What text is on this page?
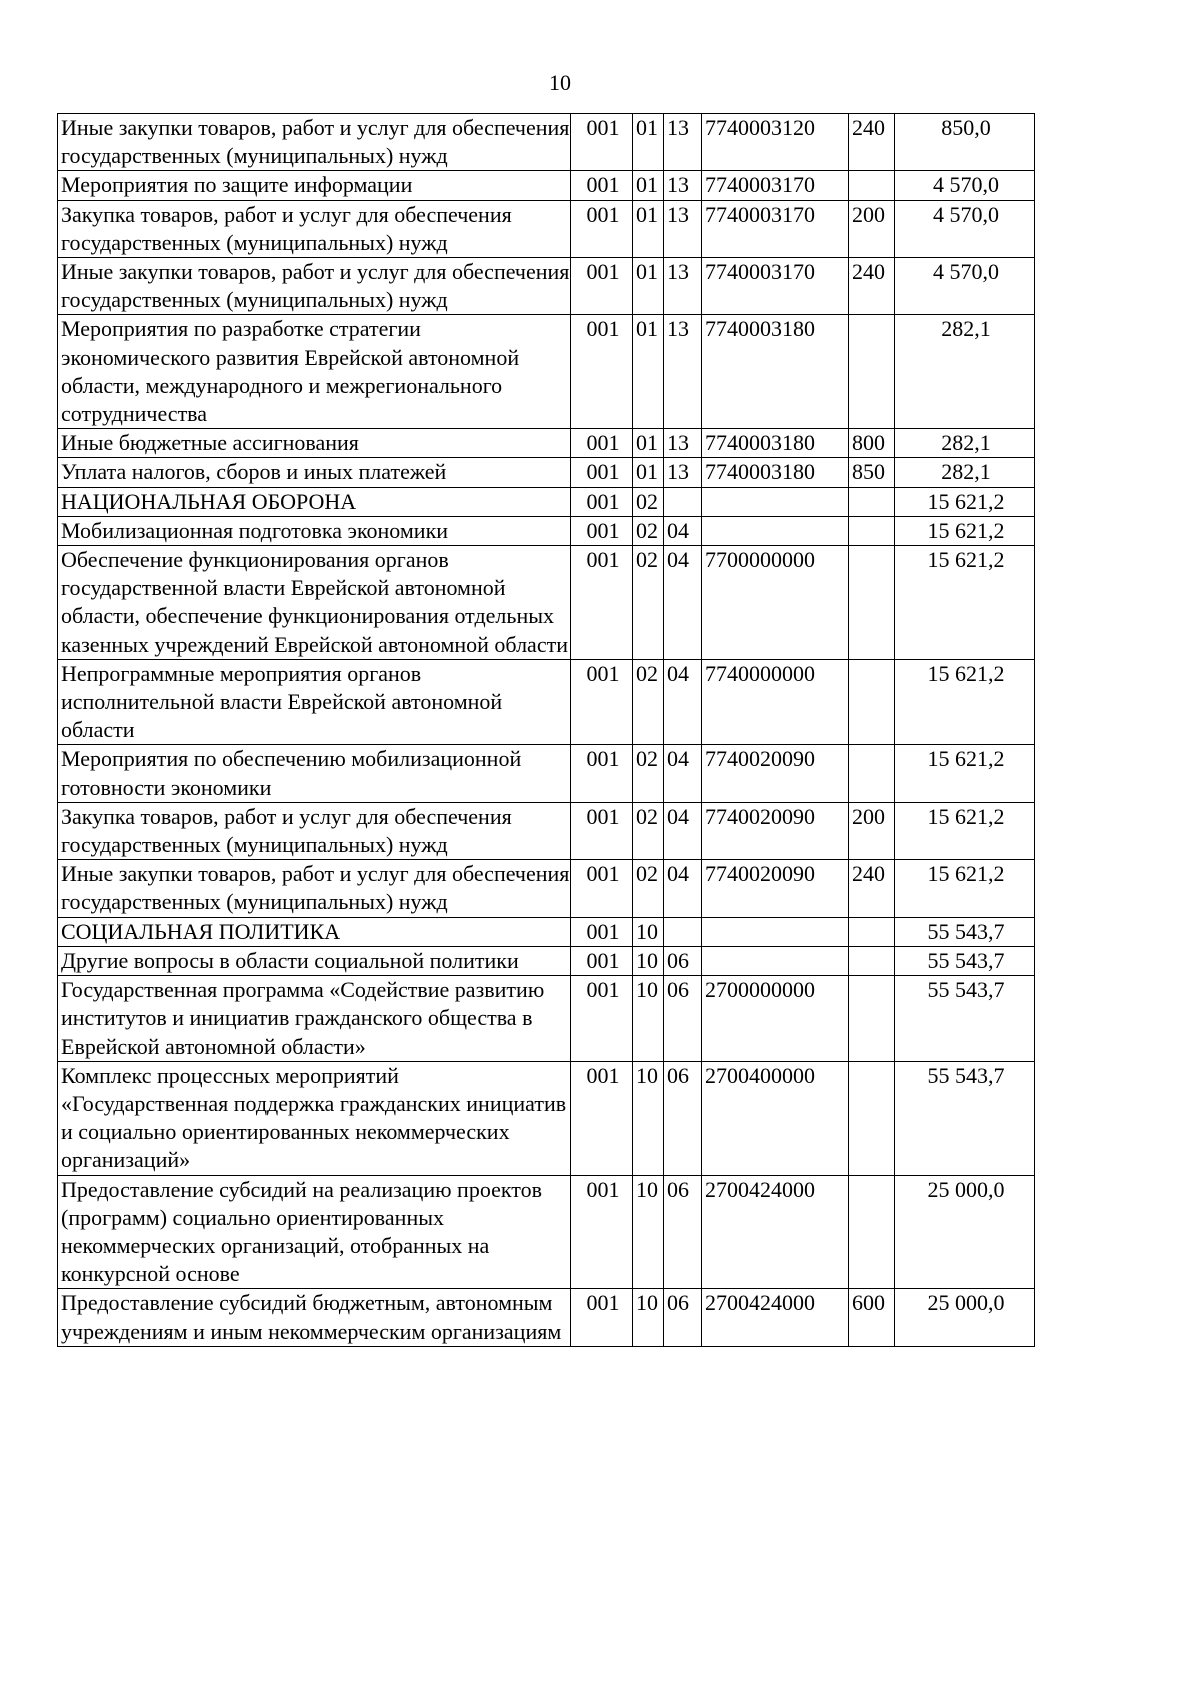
10
Иные закупки товаров, работ и услуг для обеспечения государственных (муниципальных) нужд	001	01	13	7740003120	240	850,0
Мероприятия по защите информации	001	01	13	7740003170		4 570,0
Закупка товаров, работ и услуг для обеспечения государственных (муниципальных) нужд	001	01	13	7740003170	200	4 570,0
Иные закупки товаров, работ и услуг для обеспечения государственных (муниципальных) нужд	001	01	13	7740003170	240	4 570,0
Мероприятия по разработке стратегии экономического развития Еврейской автономной области, международного и межрегионального сотрудничества	001	01	13	7740003180		282,1
Иные бюджетные ассигнования	001	01	13	7740003180	800	282,1
Уплата налогов, сборов и иных платежей	001	01	13	7740003180	850	282,1
НАЦИОНАЛЬНАЯ ОБОРОНА	001	02				15 621,2
Мобилизационная подготовка экономики	001	02	04			15 621,2
Обеспечение функционирования органов государственной власти Еврейской автономной области, обеспечение функционирования отдельных казенных учреждений Еврейской автономной области	001	02	04	7700000000		15 621,2
Непрограммные мероприятия органов исполнительной власти Еврейской автономной области	001	02	04	7740000000		15 621,2
Мероприятия по обеспечению мобилизационной готовности экономики	001	02	04	7740020090		15 621,2
Закупка товаров, работ и услуг для обеспечения государственных (муниципальных) нужд	001	02	04	7740020090	200	15 621,2
Иные закупки товаров, работ и услуг для обеспечения государственных (муниципальных) нужд	001	02	04	7740020090	240	15 621,2
СОЦИАЛЬНАЯ ПОЛИТИКА	001	10				55 543,7
Другие вопросы в области социальной политики	001	10	06			55 543,7
Государственная программа «Содействие развитию институтов и инициатив гражданского общества в Еврейской автономной области»	001	10	06	2700000000		55 543,7
Комплекс процессных мероприятий «Государственная поддержка гражданских инициатив и социально ориентированных некоммерческих организаций»	001	10	06	2700400000		55 543,7
Предоставление субсидий на реализацию проектов (программ) социально ориентированных некоммерческих организаций, отобранных на конкурсной основе	001	10	06	2700424000		25 000,0
Предоставление субсидий бюджетным, автономным учреждениям и иным некоммерческим организациям	001	10	06	2700424000	600	25 000,0
